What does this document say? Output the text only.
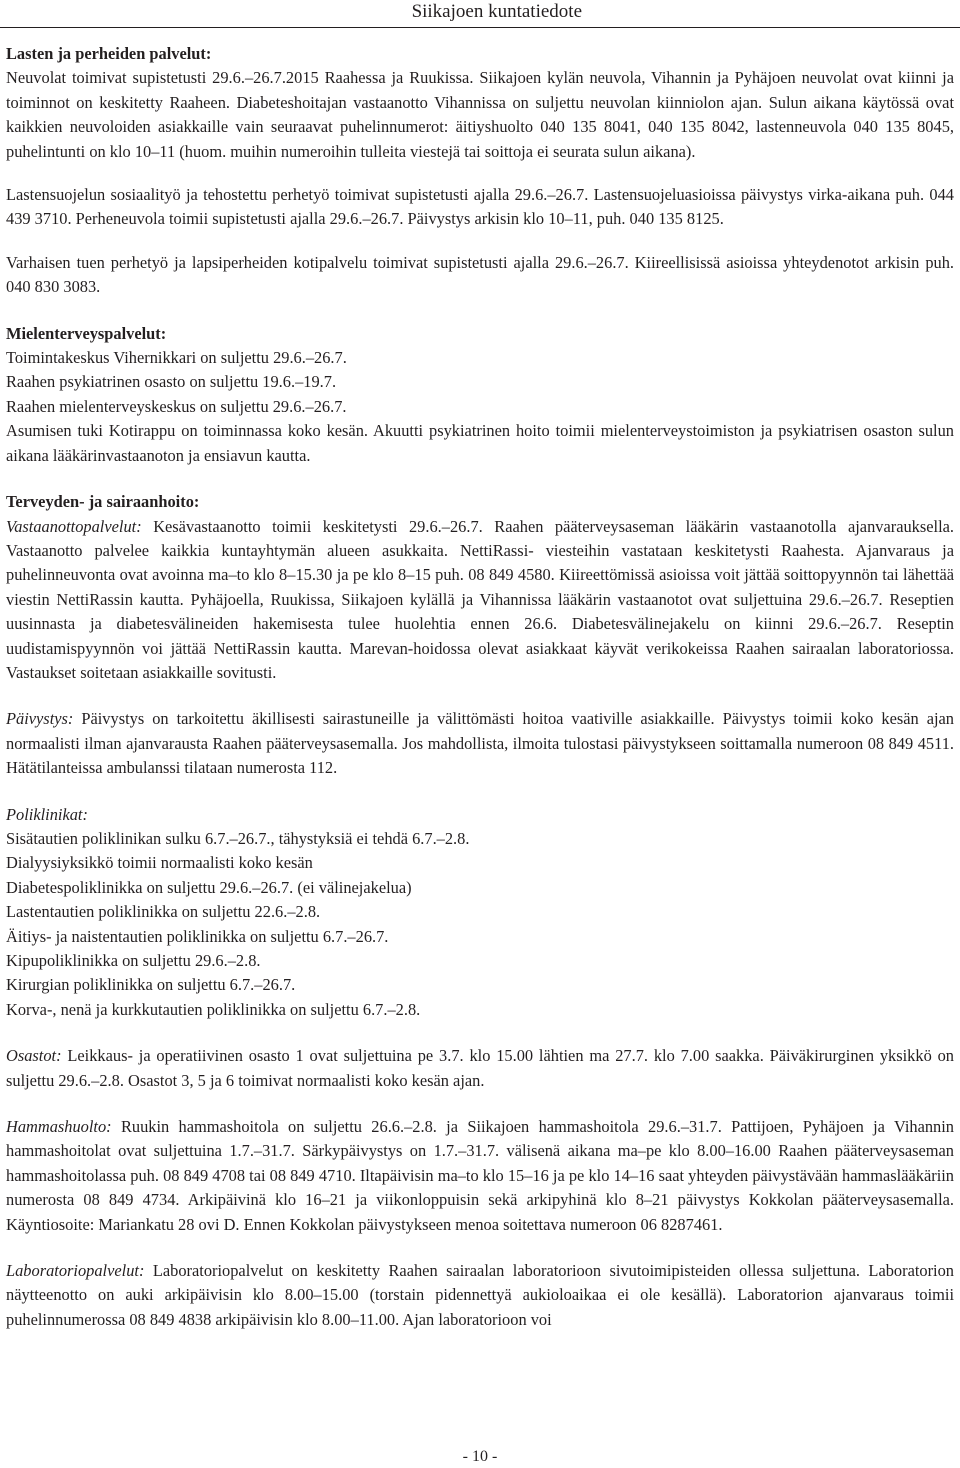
Siikajoen kuntatiedote

Lasten ja perheiden palvelut:

Neuvolat toimivat supistetusti 29.6.–26.7.2015 Raahessa ja Ruukissa. Siikajoen kylän neuvola, Vihannin ja Pyhäjoen neuvolat ovat kiinni ja toiminnot on keskitetty Raaheen. Diabeteshoitajan vastaanotto Vihannissa on suljettu neuvolan kiinniolon ajan. Sulun aikana käytössä ovat kaikkien neuvoloiden asiakkaille vain seuraavat puhelinnumerot: äitiyshuolto 040 135 8041, 040 135 8042, lastenneuvola 040 135 8045, puhelintunti on klo 10–11 (huom. muihin numeroihin tulleita viestejä tai soittoja ei seurata sulun aikana).

Lastensuojelun sosiaalityö ja tehostettu perhetyö toimivat supistetusti ajalla 29.6.–26.7. Lastensuojeluasioissa päivystys virka-aikana puh. 044 439 3710. Perheneuvola toimii supistetusti ajalla 29.6.–26.7. Päivystys arkisin klo 10–11, puh. 040 135 8125.

Varhaisen tuen perhetyö ja lapsiperheiden kotipalvelu toimivat supistetusti ajalla 29.6.–26.7. Kiireellisissä asioissa yhteydenotot arkisin puh. 040 830 3083.

Mielenterveyspalvelut:

Toimintakeskus Vihernikkari on suljettu 29.6.–26.7.

Raahen psykiatrinen osasto on suljettu 19.6.–19.7.

Raahen mielenterveyskeskus on suljettu 29.6.–26.7.

Asumisen tuki Kotirappu on toiminnassa koko kesän. Akuutti psykiatrinen hoito toimii mielenterveystoimiston ja psykiatrisen osaston sulun aikana lääkärinvastaanoton ja ensiavun kautta.

Terveyden- ja sairaanhoito:

Vastaanottopalvelut: Kesävastaanotto toimii keskitetysti 29.6.–26.7. Raahen pääterveysaseman lääkärin vastaanotolla ajanvarauksella. Vastaanotto palvelee kaikkia kuntayhtymän alueen asukkaita. NettiRassi- viesteihin vastataan keskitetysti Raahesta. Ajanvaraus ja puhelinneuvonta ovat avoinna ma–to klo 8–15.30 ja pe klo 8–15 puh. 08 849 4580. Kiireettömissä asioissa voit jättää soittopyynnön tai lähettää viestin NettiRassin kautta. Pyhäjoella, Ruukissa, Siikajoen kylällä ja Vihannissa lääkärin vastaanotot ovat suljettuina 29.6.–26.7. Reseptien uusinnasta ja diabetesvälineiden hakemisesta tulee huolehtia ennen 26.6. Diabetesvälinejakelu on kiinni 29.6.–26.7. Reseptin uudistamispyynnön voi jättää NettiRassin kautta. Marevan-hoidossa olevat asiakkaat käyvät verikokeissa Raahen sairaalan laboratoriossa. Vastaukset soitetaan asiakkaille sovitusti.

Päivystys: Päivystys on tarkoitettu äkillisesti sairastuneille ja välittömästi hoitoa vaativille asiakkaille. Päivystys toimii koko kesän ajan normaalisti ilman ajanvarausta Raahen pääterveysasemalla. Jos mahdollista, ilmoita tulostasi päivystykseen soittamalla numeroon 08 849 4511. Hätätilanteissa ambulanssi tilataan numerosta 112.

Poliklinikat:

Sisätautien poliklinikan sulku 6.7.–26.7., tähystyksiä ei tehdä 6.7.–2.8.

Dialyysiyksikkö toimii normaalisti koko kesän

Diabetespoliklinikka on suljettu 29.6.–26.7. (ei välinejakelua)

Lastentautien poliklinikka on suljettu 22.6.–2.8.

Äitiys- ja naistentautien poliklinikka on suljettu 6.7.–26.7.

Kipupoliklinikka on suljettu 29.6.–2.8.

Kirurgian poliklinikka on suljettu 6.7.–26.7.

Korva-, nenä ja kurkkutautien poliklinikka on suljettu 6.7.–2.8.

Osastot: Leikkaus- ja operatiivinen osasto 1 ovat suljettuina pe 3.7. klo 15.00 lähtien ma 27.7. klo 7.00 saakka. Päiväkirurginen yksikkö on suljettu 29.6.–2.8. Osastot 3, 5 ja 6 toimivat normaalisti koko kesän ajan.

Hammashuolto: Ruukin hammashoitola on suljettu 26.6.–2.8. ja Siikajoen hammashoitola 29.6.–31.7. Pattijoen, Pyhäjoen ja Vihannin hammashoitolat ovat suljettuina 1.7.–31.7. Särkypäivystys on 1.7.–31.7. välisenä aikana ma–pe klo 8.00–16.00 Raahen pääterveysaseman hammashoitolassa puh. 08 849 4708 tai 08 849 4710. Iltapäivisin ma–to klo 15–16 ja pe klo 14–16 saat yhteyden päivystävään hammaslääkäriin numerosta 08 849 4734. Arkipäivinä klo 16–21 ja viikonloppuisin sekä arkipyhinä klo 8–21 päivystys Kokkolan pääterveysasemalla. Käyntiosoite: Mariankatu 28 ovi D. Ennen Kokkolan päivystykseen menoa soitettava numeroon 06 8287461.

Laboratoriopalvelut: Laboratoriopalvelut on keskitetty Raahen sairaalan laboratorioon sivutoimipisteiden ollessa suljettuna. Laboratorion näytteenotto on auki arkipäivisin klo 8.00–15.00 (torstain pidennettyä aukioloaikaa ei ole kesällä). Laboratorion ajanvaraus toimii puhelinnumerossa 08 849 4838 arkipäivisin klo 8.00–11.00. Ajan laboratorioon voi

- 10 -
